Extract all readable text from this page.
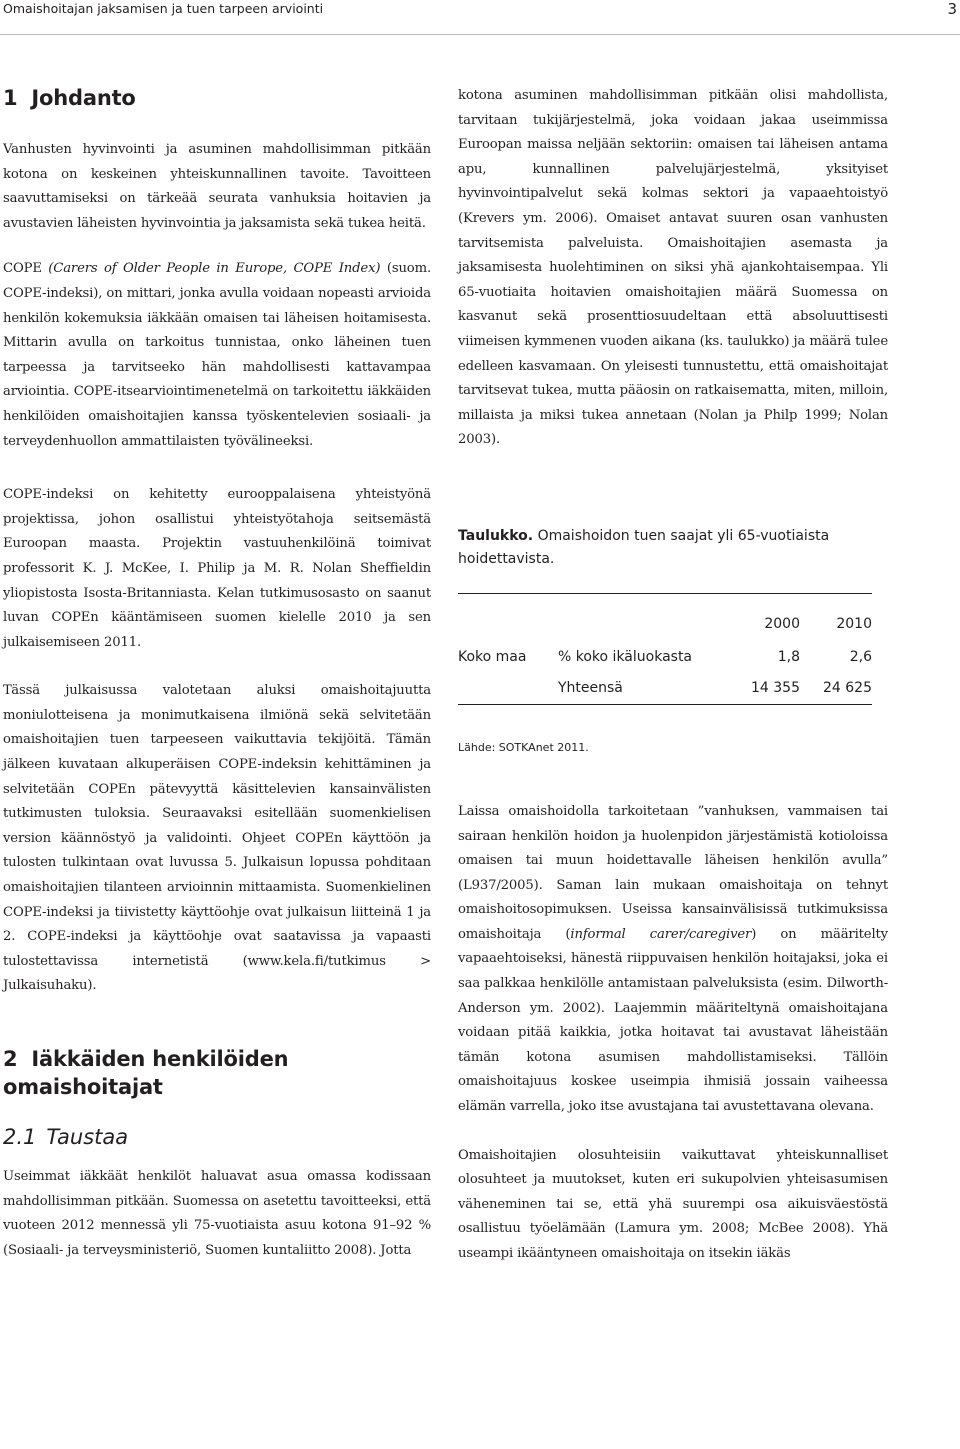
Omaishoitajan jaksamisen ja tuen tarpeen arviointi	3
1 Johdanto

Vanhusten hyvinvointi ja asuminen mahdollisimman pitkään kotona on keskeinen yhteiskunnallinen tavoite. Tavoitteen saavuttamiseksi on tärkeää seurata vanhuksia hoitavien ja avustavien läheisten hyvinvointia ja jaksamista sekä tukea heitä.

COPE (Carers of Older People in Europe, COPE Index) (suom. COPE-indeksi), on mittari, jonka avulla voidaan nopeasti arvioida henkilön kokemuksia iäkkään omaisen tai läheisen hoitamisesta. Mittarin avulla on tarkoitus tunnistaa, onko läheinen tuen tarpeessa ja tarvitseeko hän mahdollisesti kattavampaa arviointia. COPE-itsearviointimenetelmä on tarkoitettu iäkkäiden henkilöiden omaishoitajien kanssa työskentelevien sosiaali- ja terveydenhuollon ammattilaisten työvälineeksi.

COPE-indeksi on kehitetty eurooppalaisena yhteistyönä projektissa, johon osallistui yhteistyötahoja seitsemästä Euroopan maasta. Projektin vastuuhenkilöinä toimivat professorit K. J. McKee, I. Philip ja M. R. Nolan Sheffieldin yliopistosta Isosta-Britanniasta. Kelan tutkimusosasto on saanut luvan COPEn kääntämiseen suomen kielelle 2010 ja sen julkaisemiseen 2011.

Tässä julkaisussa valotetaan aluksi omaishoitajuutta moniulotteisena ja monimutkaisena ilmiönä sekä selvitetään omaishoitajien tuen tarpeeseen vaikuttavia tekijöitä. Tämän jälkeen kuvataan alkuperäisen COPE-indeksin kehittäminen ja selvitetään COPEn pätevyyttä käsittelevien kansainvälisten tutkimusten tuloksia. Seuraavaksi esitellään suomenkielisen version käännöstyö ja validointi. Ohjeet COPEn käyttöön ja tulosten tulkintaan ovat luvussa 5. Julkaisun lopussa pohditaan omaishoitajien tilanteen arvioinnin mittaamista. Suomenkielinen COPE-indeksi ja tiivistetty käyttöohje ovat julkaisun liitteinä 1 ja 2. COPE-indeksi ja käyttöohje ovat saatavissa ja vapaasti tulostettavissa internetistä (www.kela.fi/tutkimus > Julkaisuhaku).

2 Iäkkäiden henkilöiden omaishoitajat
2.1 Taustaa

Useimmat iäkkäät henkilöt haluavat asua omassa kodissaan mahdollisimman pitkään. Suomessa on asetettu tavoitteeksi, että vuoteen 2012 mennessä yli 75-vuotiaista asuu kotona 91–92 % (Sosiaali- ja terveysministeriö, Suomen kuntaliitto 2008). Jotta

kotona asuminen mahdollisimman pitkään olisi mahdollista, tarvitaan tukijärjestelmä, joka voidaan jakaa useimmissa Euroopan maissa neljään sektoriin: omaisen tai läheisen antama apu, kunnallinen palvelujärjestelmä, yksityiset hyvinvointipalvelut sekä kolmas sektori ja vapaaehtoistyö (Krevers ym. 2006). Omaiset antavat suuren osan vanhusten tarvitsemista palveluista. Omaishoitajien asemasta ja jaksamisesta huolehtiminen on siksi yhä ajankohtaisempaa. Yli 65-vuotiaita hoitavien omaishoitajien määrä Suomessa on kasvanut sekä prosenttiosuudeltaan että absoluuttisesti viimeisen kymmenen vuoden aikana (ks. taulukko) ja määrä tulee edelleen kasvamaan. On yleisesti tunnustettu, että omaishoitajat tarvitsevat tukea, mutta pääosin on ratkaisematta, miten, milloin, millaista ja miksi tukea annetaan (Nolan ja Philp 1999; Nolan 2003).

Taulukko. Omaishoidon tuen saajat yli 65-vuotiaista hoidettavista.

		2000	2010
Koko maa	% koko ikäluokasta	1,8	2,6
	Yhteensä	14 355	24 625

Lähde: SOTKAnet 2011.

Laissa omaishoidolla tarkoitetaan ”vanhuksen, vammaisen tai sairaan henkilön hoidon ja huolenpidon järjestämistä kotioloissa omaisen tai muun hoidettavalle läheisen henkilön avulla” (L937/2005). Saman lain mukaan omaishoitaja on tehnyt omaishoitosopimuksen. Useissa kansainvälisissä tutkimuksissa omaishoitaja (informal carer/caregiver) on määritelty vapaaehtoiseksi, hänestä riippuvaisen henkilön hoitajaksi, joka ei saa palkkaa henkilölle antamistaan palveluksista (esim. Dilworth-Anderson ym. 2002). Laajemmin määriteltynä omaishoitajana voidaan pitää kaikkia, jotka hoitavat tai avustavat läheistään tämän kotona asumisen mahdollistamiseksi. Tällöin omaishoitajuus koskee useimpia ihmisiä jossain vaiheessa elämän varrella, joko itse avustajana tai avustettavana olevana.

Omaishoitajien olosuhteisiin vaikuttavat yhteiskunnalliset olosuhteet ja muutokset, kuten eri sukupolvien yhteisasumisen väheneminen tai se, että yhä suurempi osa aikuisväestöstä osallistuu työelämään (Lamura ym. 2008; McBee 2008). Yhä useampi ikääntyneen omaishoitaja on itsekin iäkäs
